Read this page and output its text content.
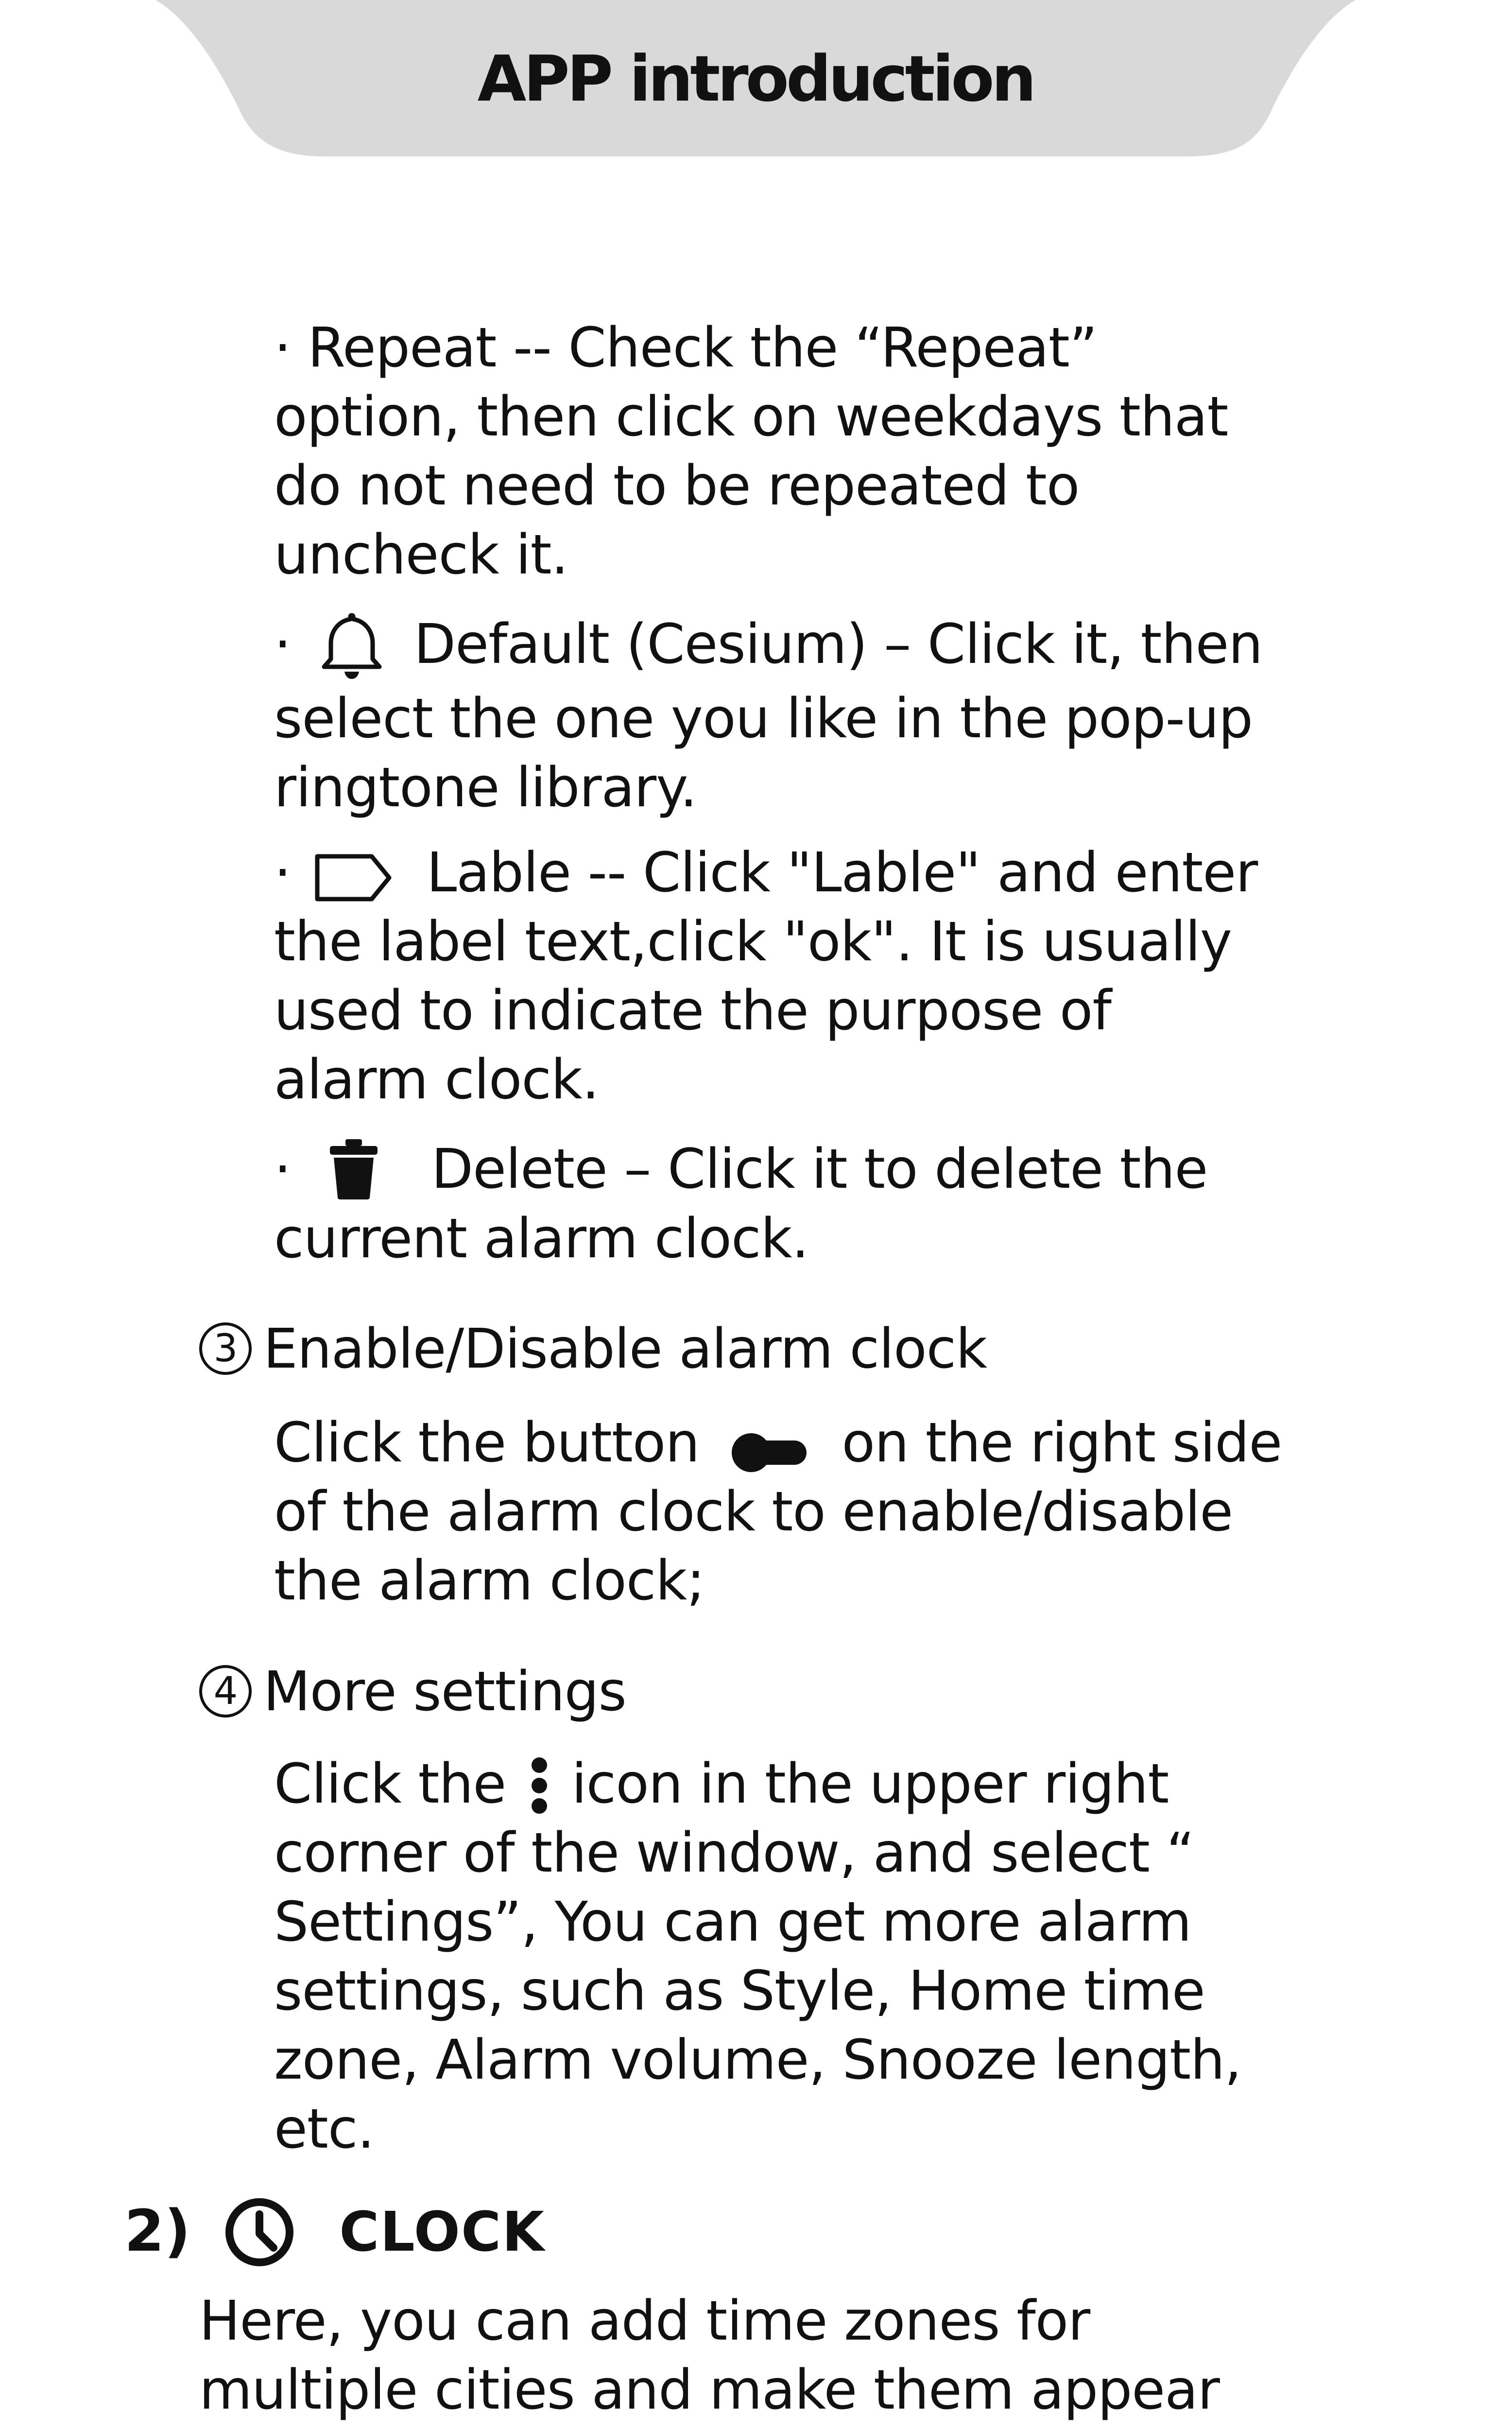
APP introduction
· Repeat -- Check the “Repeat”
option, then click on weekdays that
do not need to be repeated to
uncheck it.
· Default (Cesium) – Click it, then
select the one you like in the pop-up
ringtone library.
· Lable -- Click "Lable" and enter
the label text,click "ok". It is usually
used to indicate the purpose of
alarm clock.
·	Delete – Click it to delete the
current alarm clock.
3 Enable/Disable alarm clock
Click the button	on the right side
of the alarm clock to enable/disable
the alarm clock;
4 More settings
Click the icon in the upper right
corner of the window, and select “
Settings”, You can get more alarm
settings, such as Style, Home time
zone, Alarm volume, Snooze length,
etc.
2)	CLOCK
Here, you can add time zones for
multiple cities and make them appear
